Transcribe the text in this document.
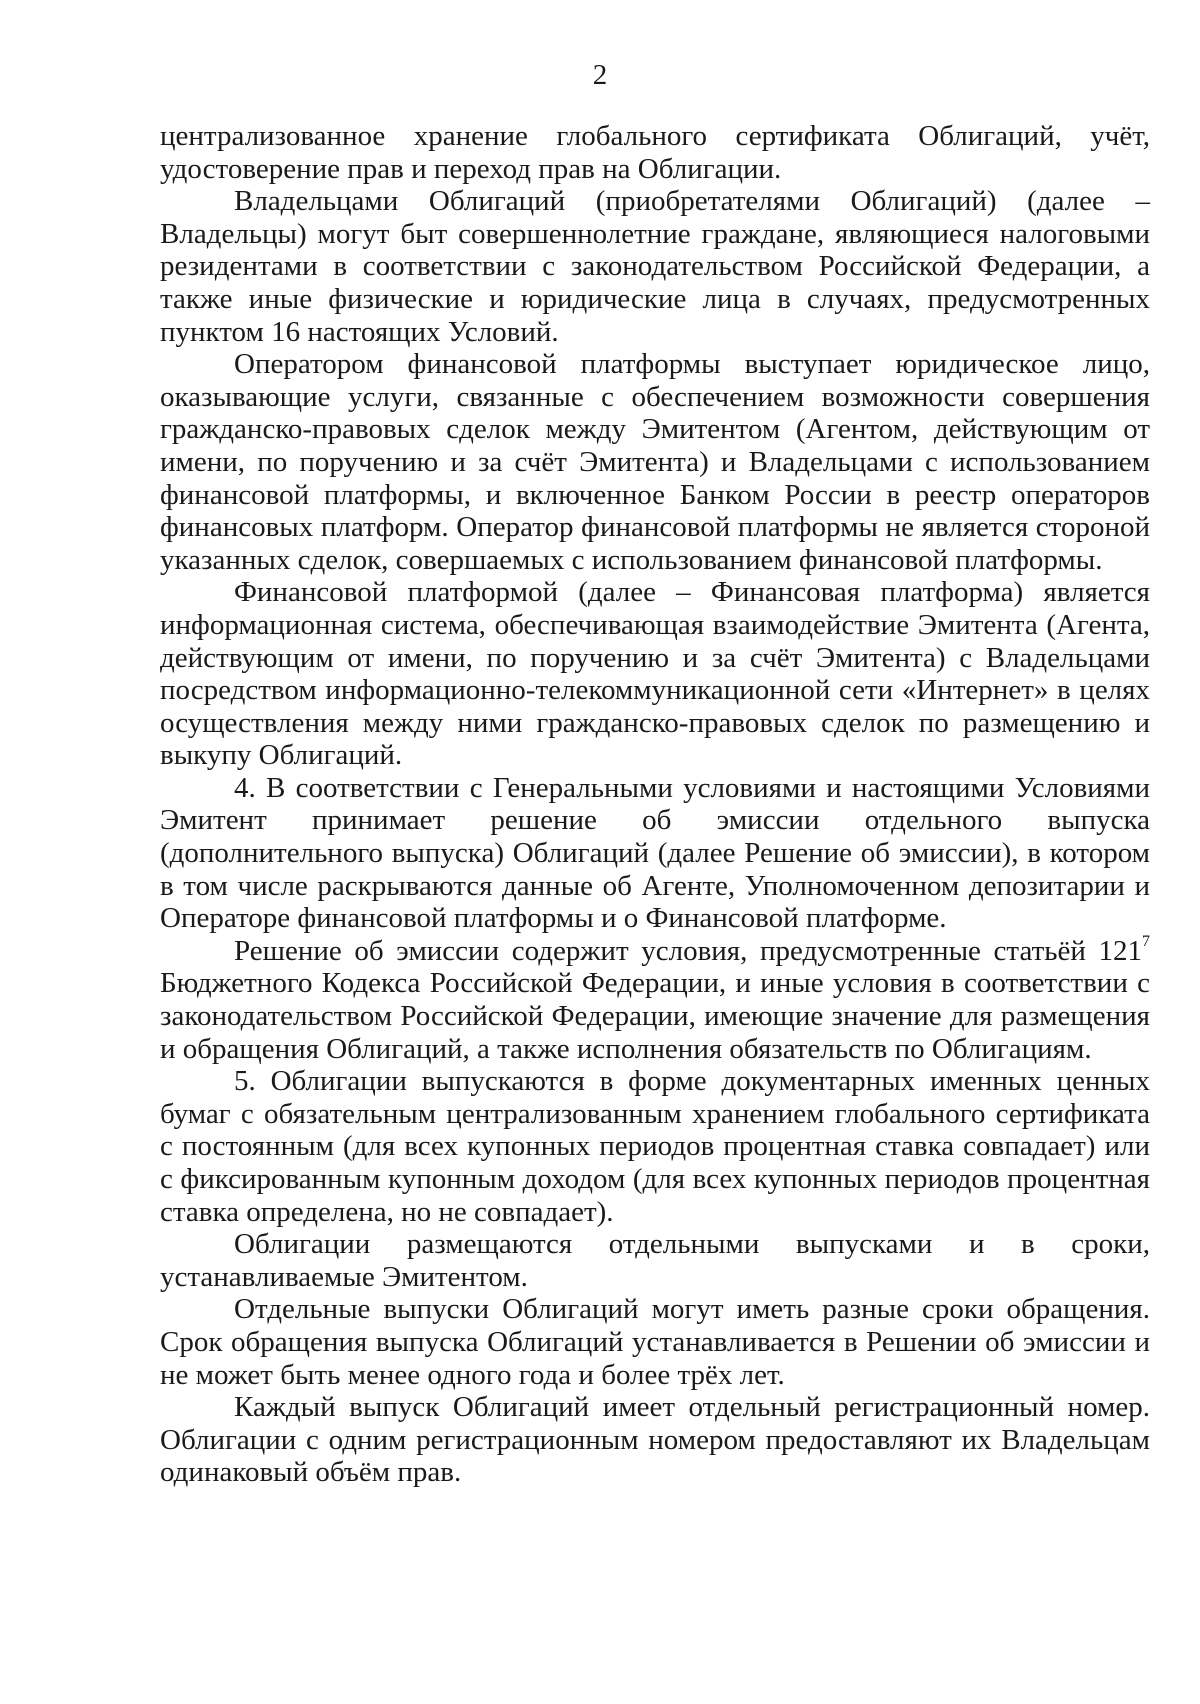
2

централизованное хранение глобального сертификата Облигаций, учёт, удостоверение прав и переход прав на Облигации.

Владельцами Облигаций (приобретателями Облигаций) (далее – Владельцы) могут быт совершеннолетние граждане, являющиеся налоговыми резидентами в соответствии с законодательством Российской Федерации, а также иные физические и юридические лица в случаях, предусмотренных пунктом 16 настоящих Условий.

Оператором финансовой платформы выступает юридическое лицо, оказывающие услуги, связанные с обеспечением возможности совершения гражданско-правовых сделок между Эмитентом (Агентом, действующим от имени, по поручению и за счёт Эмитента) и Владельцами с использованием финансовой платформы, и включенное Банком России в реестр операторов финансовых платформ. Оператор финансовой платформы не является стороной указанных сделок, совершаемых с использованием финансовой платформы.

Финансовой платформой (далее – Финансовая платформа) является информационная система, обеспечивающая взаимодействие Эмитента (Агента, действующим от имени, по поручению и за счёт Эмитента) с Владельцами посредством информационно-телекоммуникационной сети «Интернет» в целях осуществления между ними гражданско-правовых сделок по размещению и выкупу Облигаций.

4. В соответствии с Генеральными условиями и настоящими Условиями Эмитент принимает решение об эмиссии отдельного выпуска (дополнительного выпуска) Облигаций (далее Решение об эмиссии), в котором в том числе раскрываются данные об Агенте, Уполномоченном депозитарии и Операторе финансовой платформы и о Финансовой платформе.

Решение об эмиссии содержит условия, предусмотренные статьёй $121^7$ Бюджетного Кодекса Российской Федерации, и иные условия в соответствии с законодательством Российской Федерации, имеющие значение для размещения и обращения Облигаций, а также исполнения обязательств по Облигациям.

5. Облигации выпускаются в форме документарных именных ценных бумаг с обязательным централизованным хранением глобального сертификата с постоянным (для всех купонных периодов процентная ставка совпадает) или с фиксированным купонным доходом (для всех купонных периодов процентная ставка определена, но не совпадает).

Облигации размещаются отдельными выпусками и в сроки, устанавливаемые Эмитентом.

Отдельные выпуски Облигаций могут иметь разные сроки обращения. Срок обращения выпуска Облигаций устанавливается в Решении об эмиссии и не может быть менее одного года и более трёх лет.

Каждый выпуск Облигаций имеет отдельный регистрационный номер. Облигации с одним регистрационным номером предоставляют их Владельцам одинаковый объём прав.
